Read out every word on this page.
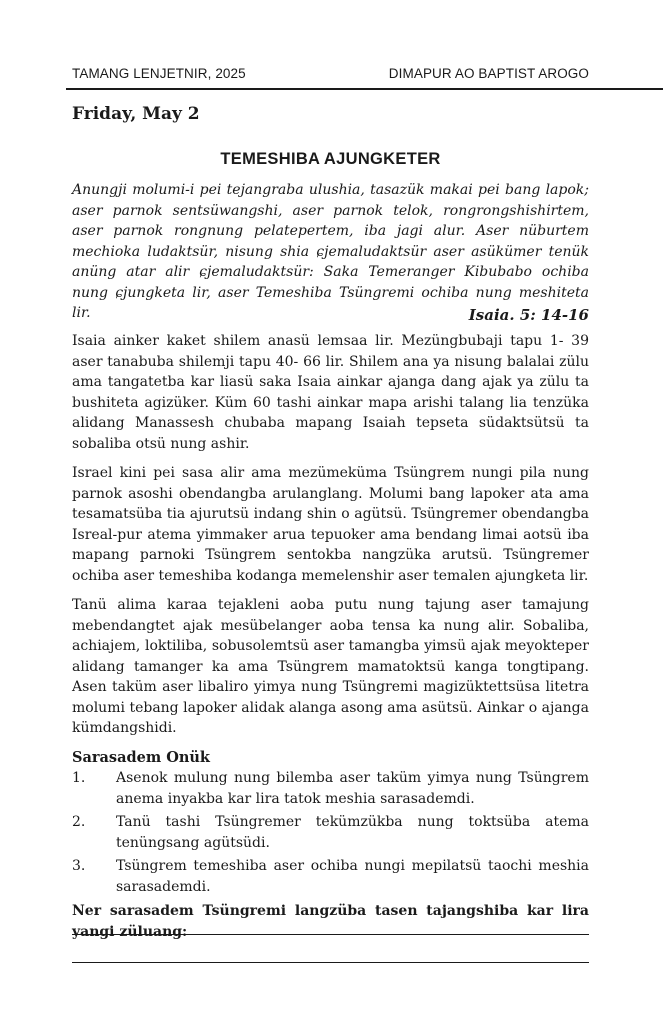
TAMANG LENJETNIR, 2025	DIMAPUR AO BAPTIST AROGO
Friday, May 2
TEMESHIBA AJUNGKETER
Anungji molumi-i pei tejangraba ulushia, tasazük makai pei bang lapok; aser parnok sentsüwangshi, aser parnok telok, rongrongshishirtem, aser parnok rongnung pelatepertem, iba jagi alur. Aser nüburtem mechioka ludaktsür, nisung shia ɕjemaludaktsür aser asükümer tenük anüng atar alir ɕjemaludaktsür: Saka Temeranger Kibubabo ochiba nung ɕjungketa lir, aser Temeshiba Tsüngremi ochiba nung meshiteta lir.	Isaia. 5: 14-16

Isaia ainker kaket shilem anasü lemsaa lir. Mezüngbubaji tapu 1- 39 aser tanabuba shilemji tapu 40- 66 lir. Shilem ana ya nisung balalai zülu ama tangatetba kar liasü saka Isaia ainkar ajanga dang ajak ya zülu ta bushiteta agizüker. Küm 60 tashi ainkar mapa arishi talang lia tenzüka alidang Manassesh chubaba mapang Isaiah tepseta südaktsütsü ta sobaliba otsü nung ashir.

Israel kini pei sasa alir ama mezümeküma Tsüngrem nungi pila nung parnok asoshi obendangba arulanglang. Molumi bang lapoker ata ama tesamatsüba tia ajurutsü indang shin o agütsü. Tsüngremer obendangba Isreal-pur atema yimmaker arua tepuoker ama bendang limai aotsü iba mapang parnoki Tsüngrem sentokba nangzüka arutsü. Tsüngremer ochiba aser temeshiba kodanga memelenshir aser temalen ajungketa lir.

Tanü alima karaa tejakleni aoba putu nung tajung aser tamajung mebendangtet ajak mesübelanger aoba tensa ka nung alir. Sobaliba, achiajem, loktiliba, sobusolemtsü aser tamangba yimsü ajak meyokteper alidang tamanger ka ama Tsüngrem mamatoktsü kanga tongtipang. Asen taküm aser libaliro yimya nung Tsüngremi magizüktettsüsa litetra molumi tebang lapoker alidak alanga asong ama asütsü. Ainkar o ajanga kümdangshidi.

Sarasadem Onük
1.	Asenok mulung nung bilemba aser taküm yimya nung Tsüngrem anema inyakba kar lira tatok meshia sarasademdi.
2.	Tanü tashi Tsüngremer tekümzükba nung toktsüba atema tenüngsang agütsüdi.
3.	Tsüngrem temeshiba aser ochiba nungi mepilatsü taochi meshia sarasademdi.
Ner sarasadem Tsüngremi langzüba tasen tajangshiba kar lira yangi züluang:
